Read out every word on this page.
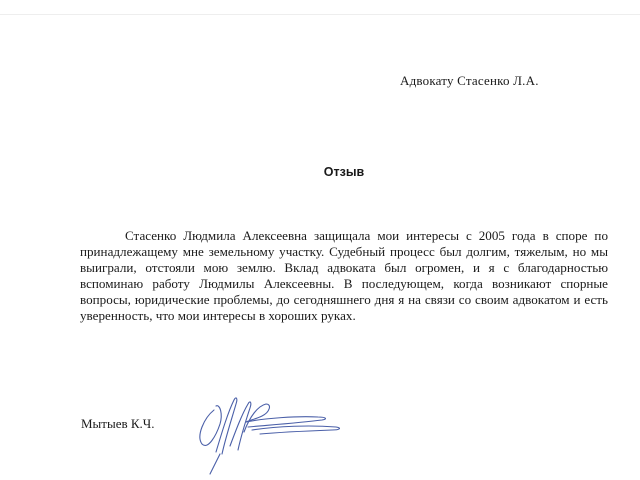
Адвокату Стасенко Л.А.
Отзыв

Стасенко Людмила Алексеевна защищала мои интересы с 2005 года в споре по принадлежащему мне земельному участку. Судебный процесс был долгим, тяжелым, но мы выиграли, отстояли мою землю. Вклад адвоката был огромен, и я с благодарностью вспоминаю работу Людмилы Алексеевны. В последующем, когда возникают спорные вопросы, юридические проблемы, до сегодняшнего дня я на связи со своим адвокатом и есть уверенность, что мои интересы в хороших руках.

Мытыев К.Ч.
